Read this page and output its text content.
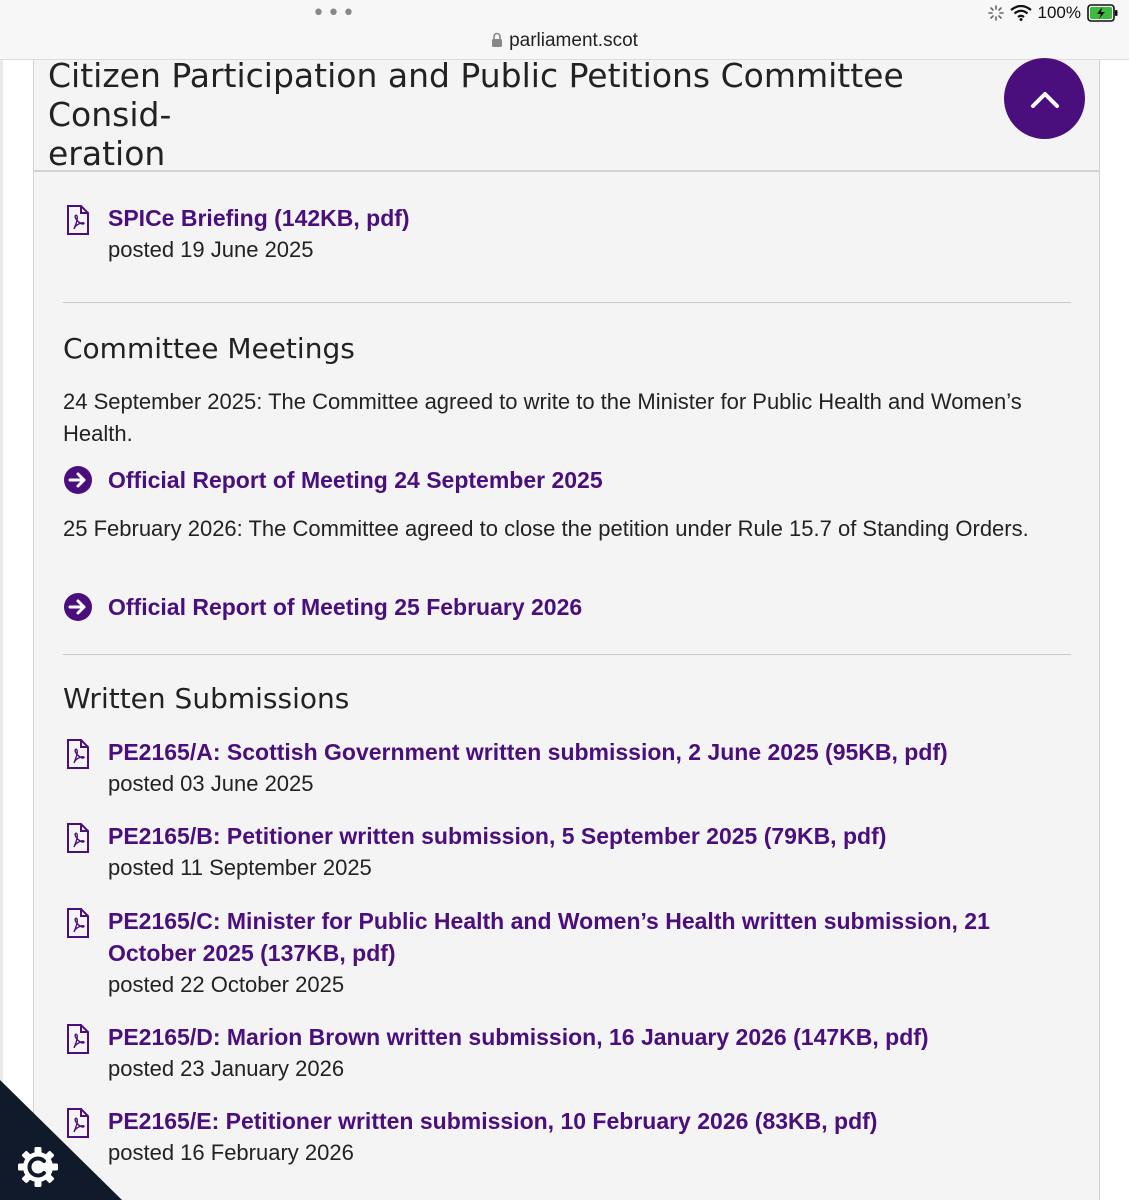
•••
parliament.scot
100%
Citizen Participation and Public Petitions Committee Consid-
eration
SPICe Briefing (142KB, pdf)
posted 19 June 2025
Committee Meetings

24 September 2025: The Committee agreed to write to the Minister for Public Health and Women’s Health.

Official Report of Meeting 24 September 2025

25 February 2026: The Committee agreed to close the petition under Rule 15.7 of Standing Orders.

Official Report of Meeting 25 February 2026
Written Submissions
PE2165/A: Scottish Government written submission, 2 June 2025 (95KB, pdf)
posted 03 June 2025
PE2165/B: Petitioner written submission, 5 September 2025 (79KB, pdf)
posted 11 September 2025
PE2165/C: Minister for Public Health and Women’s Health written submission, 21 October 2025 (137KB, pdf)
posted 22 October 2025
PE2165/D: Marion Brown written submission, 16 January 2026 (147KB, pdf)
posted 23 January 2026
PE2165/E: Petitioner written submission, 10 February 2026 (83KB, pdf)
posted 16 February 2026
